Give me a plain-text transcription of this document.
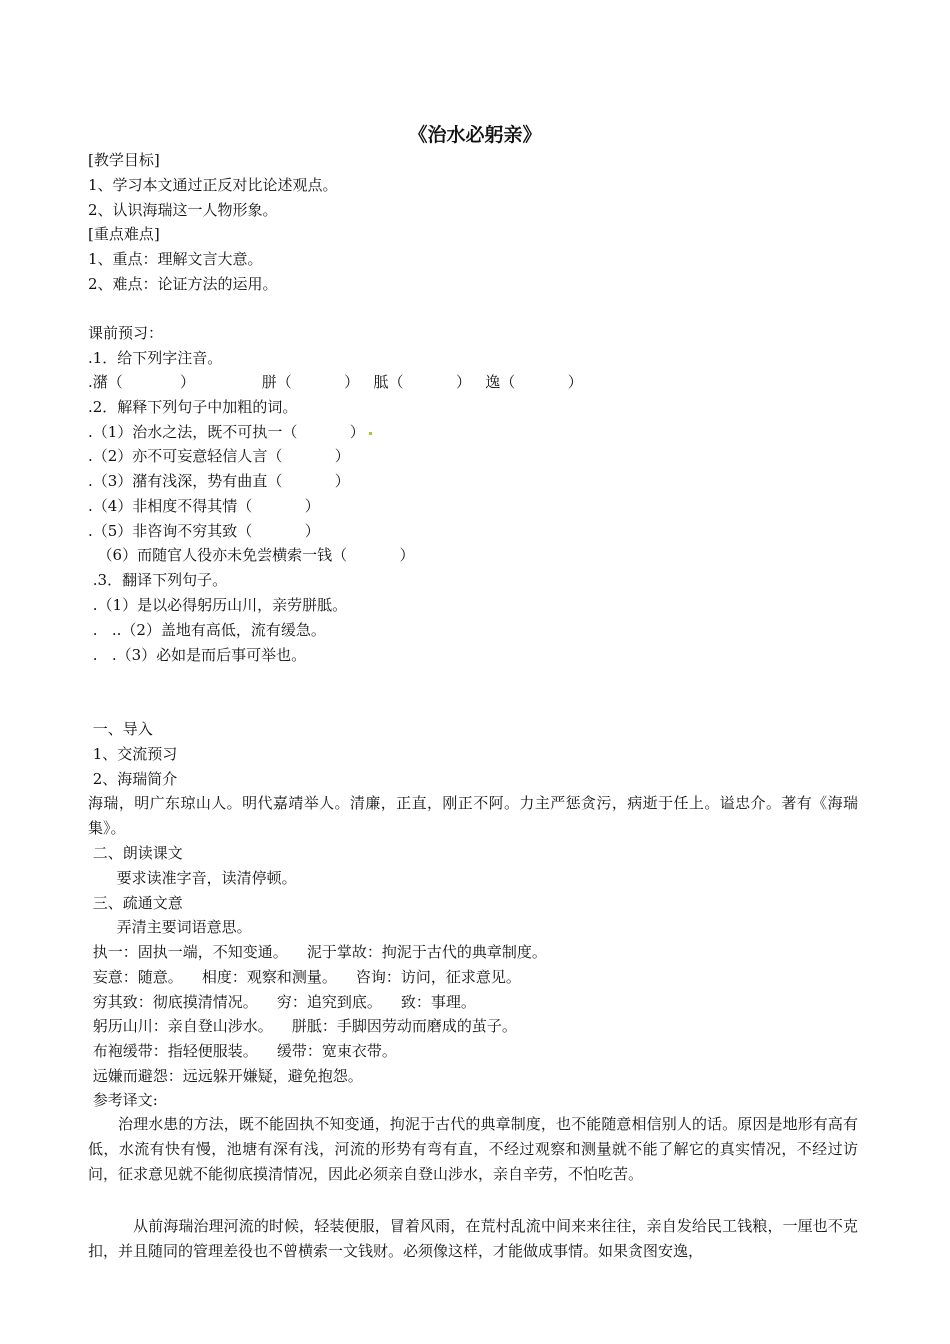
《治水必躬亲》
[教学目标]
1、学习本文通过正反对比论述观点。
2、认识海瑞这一人物形象。
[重点难点]
1、重点：理解文言大意。
2、难点：论证方法的运用。
课前预习：
.1．给下列字注音。
.潴（            ）              胼（           ）   胝（           ）   逸（           ）
.2．解释下列句子中加粗的词。
.（1）治水之法，既不可执一（           ）
.（2）亦不可妄意轻信人言（           ）
.（3）潴有浅深，势有曲直（           ）
.（4）非相度不得其情（           ）
.（5）非咨询不穷其致（           ）
（6）而随官人役亦未免尝横索一钱（           ）
.3．翻译下列句子。
.（1）是以必得躬历山川，亲劳胼胝。
.   ..（2）盖地有高低，流有缓急。
.   .（3）必如是而后事可举也。
一、导入
1、交流预习
2、海瑞简介
海瑞，明广东琼山人。明代嘉靖举人。清廉，正直，刚正不阿。力主严惩贪污，病逝于任上。谥忠介。著有《海瑞集》。
二、朗读课文
要求读准字音，读清停顿。
三、疏通文意
弄清主要词语意思。
执一：固执一端，不知变通。    泥于掌故：拘泥于古代的典章制度。
妄意：随意。    相度：观察和测量。    咨询：访问，征求意见。
穷其致：彻底摸清情况。    穷：追究到底。    致：事理。
躬历山川：亲自登山涉水。    胼胝：手脚因劳动而磨成的茧子。
布袍缓带：指轻便服装。    缓带：宽束衣带。
远嫌而避怨：远远躲开嫌疑，避免抱怨。
参考译文:
治理水患的方法，既不能固执不知变通，拘泥于古代的典章制度，也不能随意相信别人的话。原因是地形有高有低，水流有快有慢，池塘有深有浅，河流的形势有弯有直，不经过观察和测量就不能了解它的真实情况，不经过访问，征求意见就不能彻底摸清情况，因此必须亲自登山涉水，亲自辛劳，不怕吃苦。
从前海瑞治理河流的时候，轻装便服，冒着风雨，在荒村乱流中间来来往往，亲自发给民工钱粮，一厘也不克扣，并且随同的管理差役也不曾横索一文钱财。必须像这样，才能做成事情。如果贪图安逸，
